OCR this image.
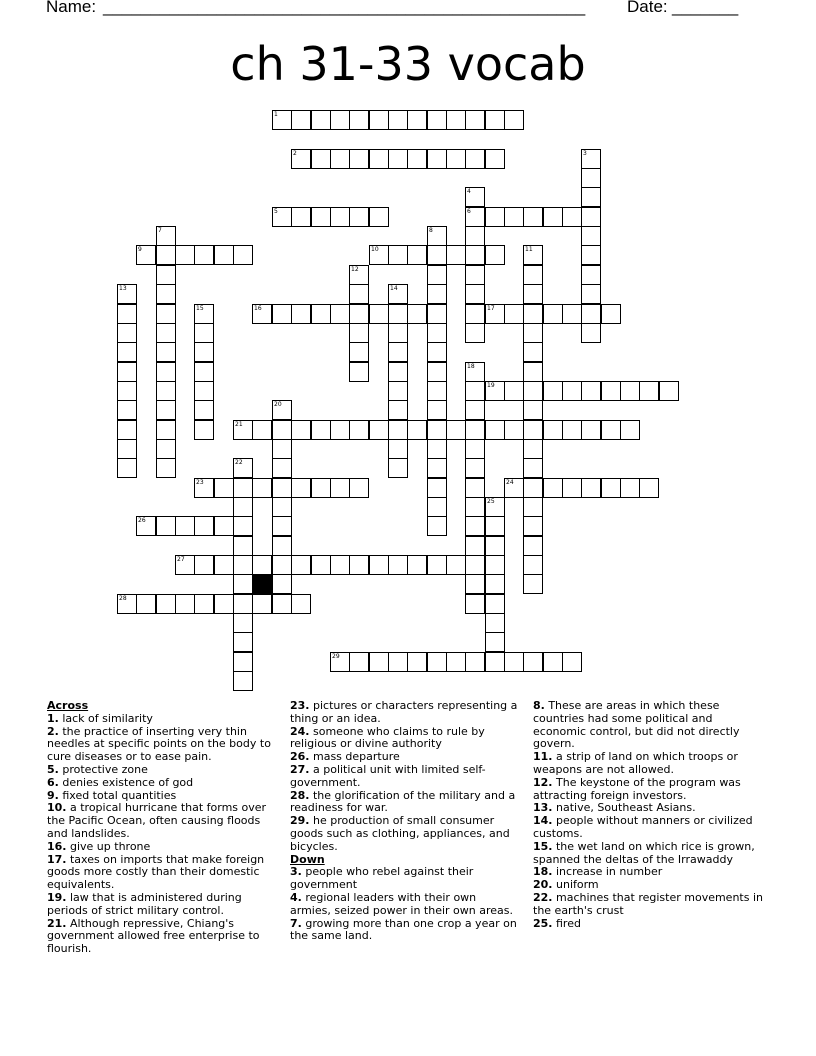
Name: ___________________________________________________ Date: _______
ch 31-33 vocab
1
2	3
4
6
5
7	8
9	10	11
12
13	14
15	16	17
18
19
20
21
22
23	24
25
26
27
28
29
Across
1. lack of similarity
2. the practice of inserting very thin needles at specific points on the body to cure diseases or to ease pain.
5. protective zone
6. denies existence of god
9. fixed total quantities
10. a tropical hurricane that forms over the Pacific Ocean, often causing floods and landslides.
16. give up throne
17. taxes on imports that make foreign goods more costly than their domestic equivalents.
19. law that is administered during periods of strict military control.
21. Although repressive, Chiang's government allowed free enterprise to flourish.
23. pictures or characters representing a thing or an idea.
24. someone who claims to rule by religious or divine authority
26. mass departure
27. a political unit with limited self-government.
28. the glorification of the military and a readiness for war.
29. he production of small consumer goods such as clothing, appliances, and bicycles.
Down
3. people who rebel against their government
4. regional leaders with their own armies, seized power in their own areas.
7. growing more than one crop a year on the same land.
8. These are areas in which these countries had some political and economic control, but did not directly govern.
11. a strip of land on which troops or weapons are not allowed.
12. The keystone of the program was attracting foreign investors.
13. native, Southeast Asians.
14. people without manners or civilized customs.
15. the wet land on which rice is grown, spanned the deltas of the Irrawaddy
18. increase in number
20. uniform
22. machines that register movements in the earth's crust
25. fired
